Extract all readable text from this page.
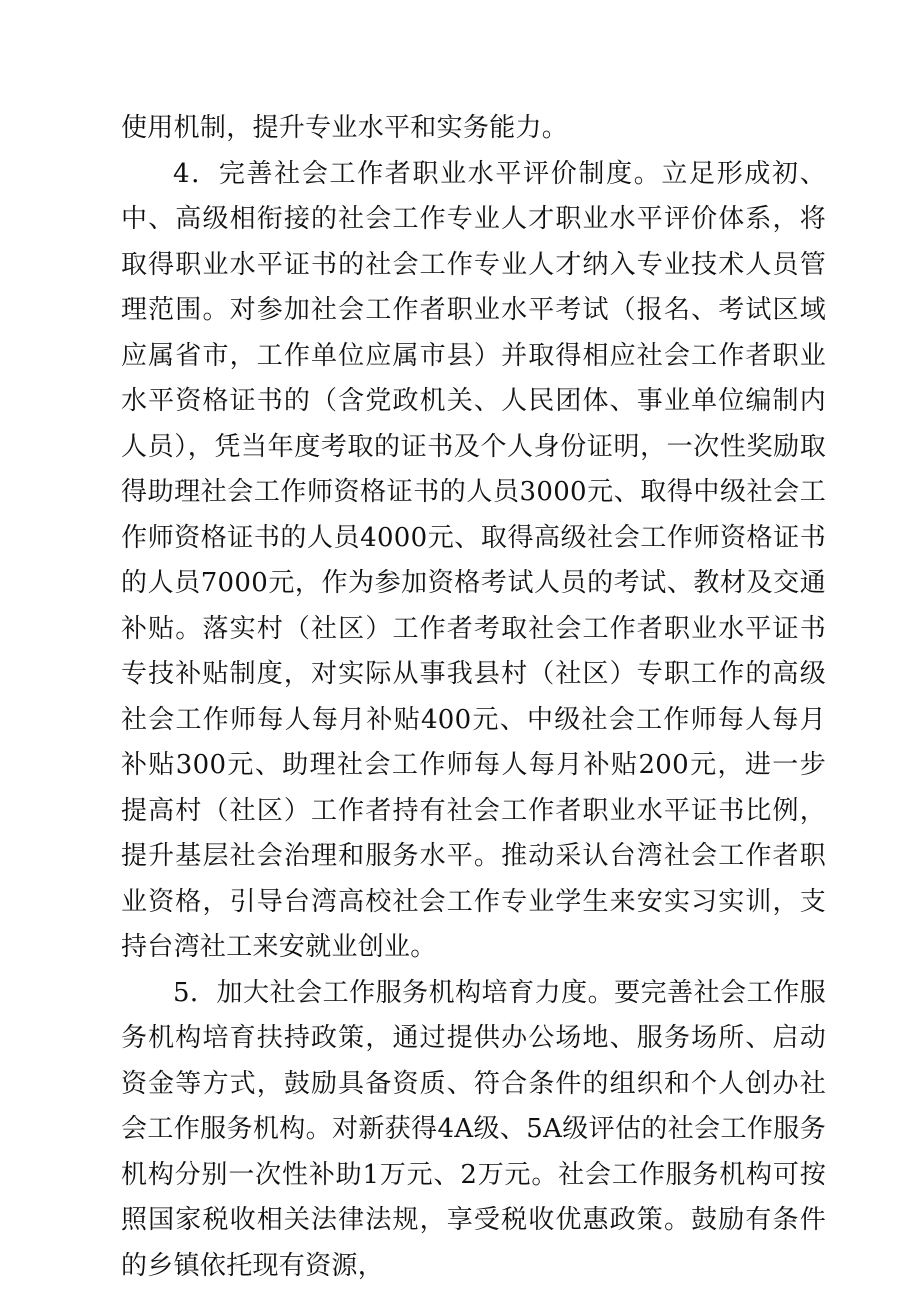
使用机制，提升专业水平和实务能力。

4．完善社会工作者职业水平评价制度。立足形成初、中、高级相衔接的社会工作专业人才职业水平评价体系，将取得职业水平证书的社会工作专业人才纳入专业技术人员管理范围。对参加社会工作者职业水平考试（报名、考试区域应属省市，工作单位应属市县）并取得相应社会工作者职业水平资格证书的（含党政机关、人民团体、事业单位编制内人员），凭当年度考取的证书及个人身份证明，一次性奖励取得助理社会工作师资格证书的人员3000元、取得中级社会工作师资格证书的人员4000元、取得高级社会工作师资格证书的人员7000元，作为参加资格考试人员的考试、教材及交通补贴。落实村（社区）工作者考取社会工作者职业水平证书专技补贴制度，对实际从事我县村（社区）专职工作的高级社会工作师每人每月补贴400元、中级社会工作师每人每月补贴300元、助理社会工作师每人每月补贴200元，进一步提高村（社区）工作者持有社会工作者职业水平证书比例，提升基层社会治理和服务水平。推动采认台湾社会工作者职业资格，引导台湾高校社会工作专业学生来安实习实训，支持台湾社工来安就业创业。

5．加大社会工作服务机构培育力度。要完善社会工作服务机构培育扶持政策，通过提供办公场地、服务场所、启动资金等方式，鼓励具备资质、符合条件的组织和个人创办社会工作服务机构。对新获得4A级、5A级评估的社会工作服务机构分别一次性补助1万元、2万元。社会工作服务机构可按照国家税收相关法律法规，享受税收优惠政策。鼓励有条件的乡镇依托现有资源，
